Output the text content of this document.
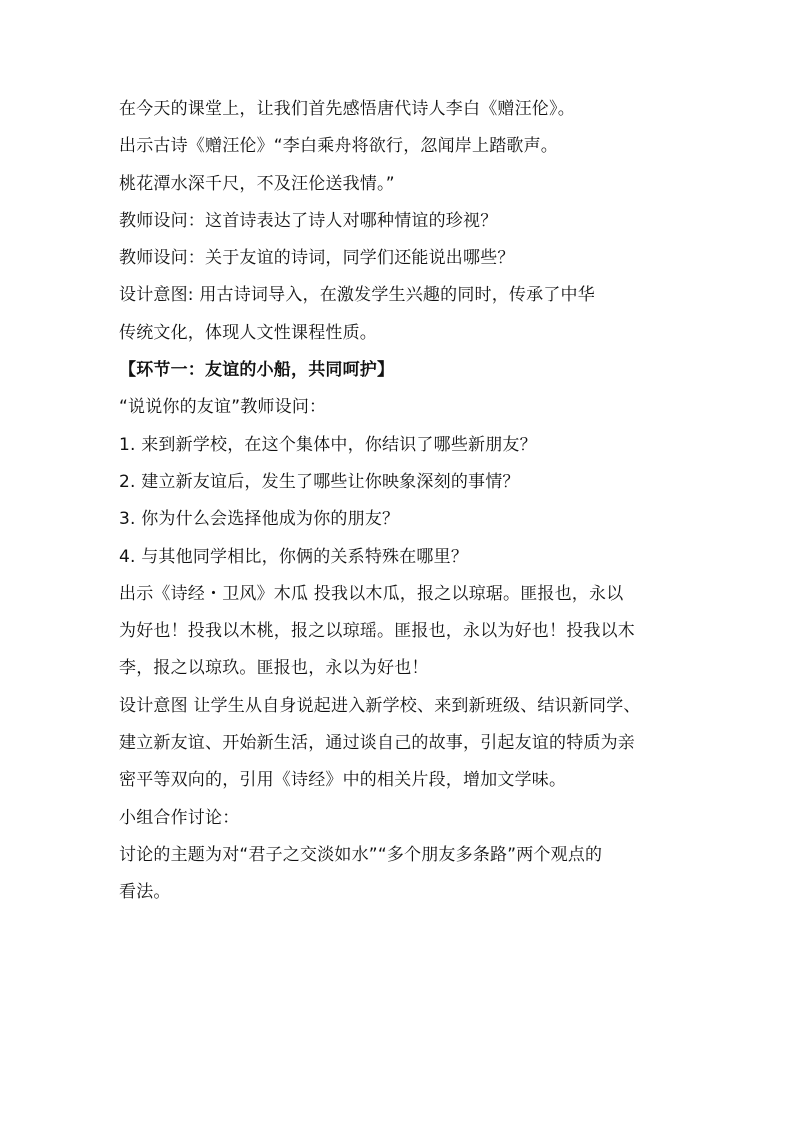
在今天的课堂上，让我们首先感悟唐代诗人李白《赠汪伦》。
出示古诗《赠汪伦》“李白乘舟将欲行，忽闻岸上踏歌声。
桃花潭水深千尺，不及汪伦送我情。”
教师设问：这首诗表达了诗人对哪种情谊的珍视？
教师设问：关于友谊的诗词，同学们还能说出哪些？
设计意图: 用古诗词导入，在激发学生兴趣的同时，传承了中华
传统文化，体现人文性课程性质。
【环节一：友谊的小船，共同呵护】
“说说你的友谊”教师设问：
1. 来到新学校，在这个集体中，你结识了哪些新朋友？
2. 建立新友谊后，发生了哪些让你映象深刻的事情？
3. 你为什么会选择他成为你的朋友？
4. 与其他同学相比，你俩的关系特殊在哪里？
出示《诗经・卫风》木瓜 投我以木瓜，报之以琼琚。匪报也，永以
为好也！投我以木桃，报之以琼瑶。匪报也，永以为好也！投我以木
李，报之以琼玖。匪报也，永以为好也！
设计意图 让学生从自身说起进入新学校、来到新班级、结识新同学、
建立新友谊、开始新生活，通过谈自己的故事，引起友谊的特质为亲
密平等双向的，引用《诗经》中的相关片段，增加文学味。
小组合作讨论：
讨论的主题为对“君子之交淡如水”“多个朋友多条路”两个观点的
看法。
